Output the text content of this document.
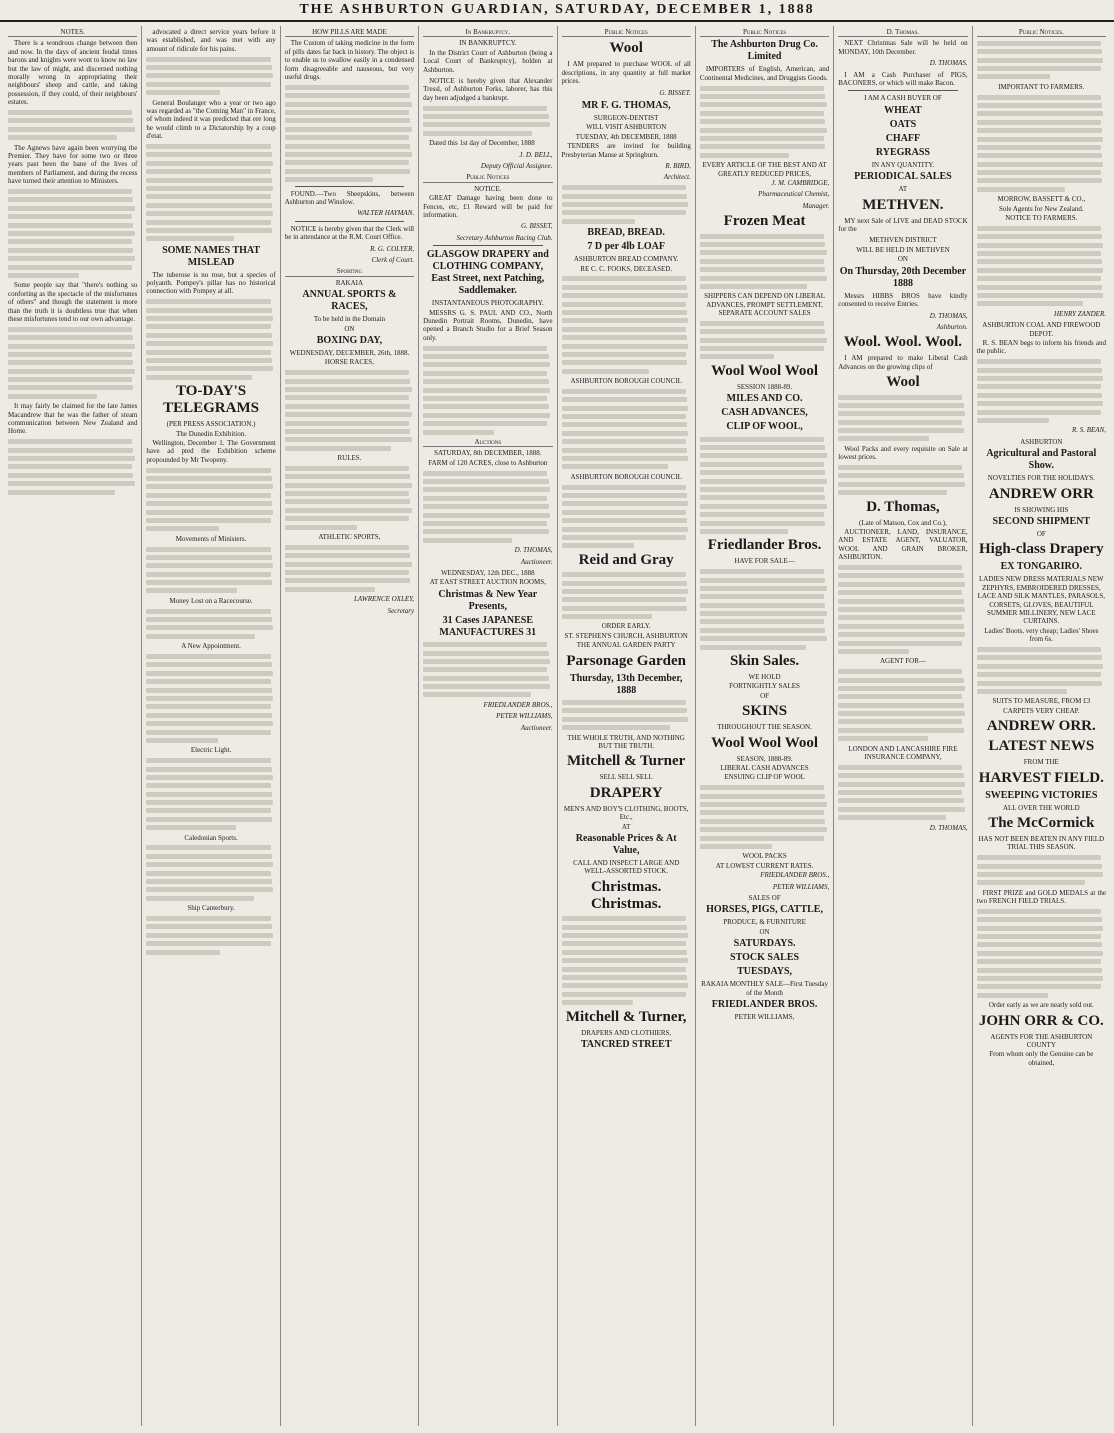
THE ASHBURTON GUARDIAN, SATURDAY, DECEMBER 1, 1888
NOTES.

There is a wondrous change between then and now. In the days of ancient feudal times barons and knights were wont to know no law but the law of might, and discerned nothing morally wrong in appropriating their neighbours' sheep and cattle, and taking possession, if they could, of their neighbours' estates.

The Agnews have again been worrying the Premier. They have for some two or three years past been the bane of the lives of members of Parliament, and during the recess have turned their attention to Ministers.

Some people say that "there's nothing so conforting as the spectacle of the misfortunes of others" and though the statement is more than the truth it is doubtless true that when these misfortunes tend to our own advantage.

It may fairly be claimed for the late James Macandrew that he was the father of steam communication between New Zealand and Home.

advocated a direct service years before it was established, and was met with any amount of ridicule for his pains.

General Boulanger who a year or two ago was regarded as "the Coming Man" in France, of whom indeed it was predicted that ere long he would climb to a Dictatorship by a coup d'etat.

SOME NAMES THAT MISLEAD

The tuberose is no rose, but a species of polyanth. Pompey's pillar has no historical connection with Pompey at all.

TO-DAY'S TELEGRAMS
(PER PRESS ASSOCIATION.)
The Dunedin Exhibition.

Wellington, December 1. The Government have ad pted the Exhibition scheme propounded by Mr Twopeny.

Movements of Ministers.
Money Lost on a Racecourse.
A New Appointment.
Electric Light.
Caledonian Sports.
Ship Canterbury.
HOW PILLS ARE MADE

The Custom of taking medicine in the form of pills dates far back in history. The object is to enable us to swallow easily in a condensed form disagreeable and nauseous, but very useful drugs.

FOUND.—Two Sheepskins, between Ashburton and Winslow.

WALTER HAYMAN.

NOTICE is hereby given that the Clerk will be in attendance at the R.M. Court Office.

R. G. COLYER,
Clerk of Court.
Sporting
RAKAIA
ANNUAL SPORTS & RACES,
To be held in the Domain
ON
BOXING DAY,
WEDNESDAY, DECEMBER, 26th, 1888.
HORSE RACES,
RULES.
ATHLETIC SPORTS,
LAWRENCE OXLEY,
Secretary
In Bankruptcy.
IN BANKRUPTCY.

In the District Court of Ashburton (being a Local Court of Bankruptcy), holden at Ashburton.

NOTICE is hereby given that Alexander Tressl, of Ashburton Forks, laborer, has this day been adjudged a bankrupt.

Dated this 1st day of December, 1888

J. D. BELL,
Deputy Official Assignee.
Public Notices
NOTICE.

GREAT Damage having been done to Fences, etc, £1 Reward will be paid for information.

G. BISSET,
Secretary Ashburton Racing Club.
GLASGOW DRAPERY and CLOTHING COMPANY, East Street, next Patching, Saddlemaker.
INSTANTANEOUS PHOTOGRAPHY.

MESSRS G. S. PAUL AND CO., North Dunedin Portrait Rooms, Dunedin, have opened a Branch Studio for a Brief Season only.

Auctions
SATURDAY, 8th DECEMBER, 1888.
FARM of 120 ACRES, close to Ashburton
D. THOMAS,
Auctioneer.
WEDNESDAY, 12th DEC., 1888
AT EAST STREET AUCTION ROOMS,
Christmas & New Year Presents,
31 Cases JAPANESE MANUFACTURES 31
FRIEDLANDER BROS.,
PETER WILLIAMS,
Auctioneer.
Public Notices
Wool

I AM prepared to purchase WOOL of all descriptions, in any quantity at full market prices.

G. BISSET.
MR F. G. THOMAS,
SURGEON-DENTIST
WILL VISIT ASHBURTON
TUESDAY, 4th DECEMBER, 1888

TENDERS are invited for building Presbyterian Manse at Springburn.

R. BIRD,
Architect.
BREAD, BREAD.
7 D per 4lb LOAF
ASHBURTON BREAD COMPANY.
RE C. C. FOOKS, DECEASED.
ASHBURTON BOROUGH COUNCIL
ASHBURTON BOROUGH COUNCIL
Reid and Gray
ORDER EARLY.
ST. STEPHEN'S CHURCH, ASHBURTON
THE ANNUAL GARDEN PARTY
Parsonage Garden
Thursday, 13th December, 1888
THE WHOLE TRUTH, AND NOTHING BUT THE TRUTH.
Mitchell & Turner
SELL SELL SELL
DRAPERY
MEN'S AND BOY'S CLOTHING, BOOTS, Etc.,
AT
Reasonable Prices & At Value,
CALL AND INSPECT LARGE AND WELL-ASSORTED STOCK.
Christmas. Christmas.
Mitchell & Turner,
DRAPERS AND CLOTHIERS,
TANCRED STREET
Public Notices
The Ashburton Drug Co. Limited

IMPORTERS of English, American, and Continental Medicines, and Druggists Goods.

EVERY ARTICLE OF THE BEST AND AT GREATLY REDUCED PRICES,
J. M. CAMBRIDGE,
Pharmaceutical Chemist,
Manager.
Frozen Meat
SHIPPERS CAN DEPEND ON LIBERAL ADVANCES, PROMPT SETTLEMENT, SEPARATE ACCOUNT SALES
Wool Wool Wool
SESSION 1888-89.
MILES AND CO.
CASH ADVANCES,
CLIP OF WOOL,
Friedlander Bros.
HAVE FOR SALE—
Skin Sales.
WE HOLD
FORTNIGHTLY SALES
OF
SKINS
THROUGHOUT THE SEASON.
Wool Wool Wool
SEASON, 1888-89.
LIBERAL CASH ADVANCES
ENSUING CLIP OF WOOL
WOOL PACKS
AT LOWEST CURRENT RATES.
FRIEDLANDER BROS.,
PETER WILLIAMS,
SALES OF
HORSES, PIGS, CATTLE,
PRODUCE, & FURNITURE
ON
SATURDAYS.
STOCK SALES
TUESDAYS,
RAKAIA MONTHLY SALE—First Tuesday of the Month
FRIEDLANDER BROS.
PETER WILLIAMS,
D. Thomas.

NEXT Christmas Sale will be held on MONDAY, 10th December.

D. THOMAS.

I AM a Cash Purchaser of PIGS, BACONERS, or which will make Bacon.

I AM A CASH BUYER OF
WHEAT
OATS
CHAFF
RYEGRASS
IN ANY QUANTITY.
PERIODICAL SALES
AT
METHVEN.

MY next Sale of LIVE and DEAD STOCK for the

METHVEN DISTRICT
WILL BE HELD IN METHVEN
ON
On Thursday, 20th December 1888

Messrs HIBBS BROS have kindly consented to receive Entries.

D. THOMAS,
Ashburton.
Wool. Wool. Wool.

I AM prepared to make Liberal Cash Advances on the growing clips of

Wool

Wool Packs and every requisite on Sale at lowest prices.

D. Thomas,
(Late of Matson, Cox and Co.),

AUCTIONEER, LAND, INSURANCE, AND ESTATE AGENT, VALUATOR, WOOL AND GRAIN BROKER, ASHBURTON.

AGENT FOR—
LONDON AND LANCASHIRE FIRE INSURANCE COMPANY,
D. THOMAS,
Public Notices.
IMPORTANT TO FARMERS.
MORROW, BASSETT & CO.,
Sole Agents for New Zealand.
NOTICE TO FARMERS.
HENRY ZANDER.
ASHBURTON COAL AND FIREWOOD DEPOT.

R. S. BEAN begs to inform his friends and the public.

R. S. BEAN,
ASHBURTON
Agricultural and Pastoral Show.
NOVELTIES FOR THE HOLIDAYS.
ANDREW ORR
IS SHOWING HIS
SECOND SHIPMENT
OF
High-class Drapery
EX TONGARIRO.
LADIES NEW DRESS MATERIALS NEW ZEPHYRS, EMBROIDERED DRESSES, LACE AND SILK MANTLES, PARASOLS, CORSETS, GLOVES, BEAUTIFUL SUMMER MILLINERY, NEW LACE CURTAINS.
Ladies' Boots, very cheap; Ladies' Shoes from 6s.
SUITS TO MEASURE, FROM £3
CARPETS VERY CHEAP.
ANDREW ORR.
LATEST NEWS
FROM THE
HARVEST FIELD.
SWEEPING VICTORIES
ALL OVER THE WORLD
The McCormick
HAS NOT BEEN BEATEN IN ANY FIELD TRIAL THIS SEASON.

FIRST PRIZE and GOLD MEDALS at the two FRENCH FIELD TRIALS.

Order early as we are nearly sold out.
JOHN ORR & CO.
AGENTS FOR THE ASHBURTON COUNTY
From whom only the Genuine can be obtained,
